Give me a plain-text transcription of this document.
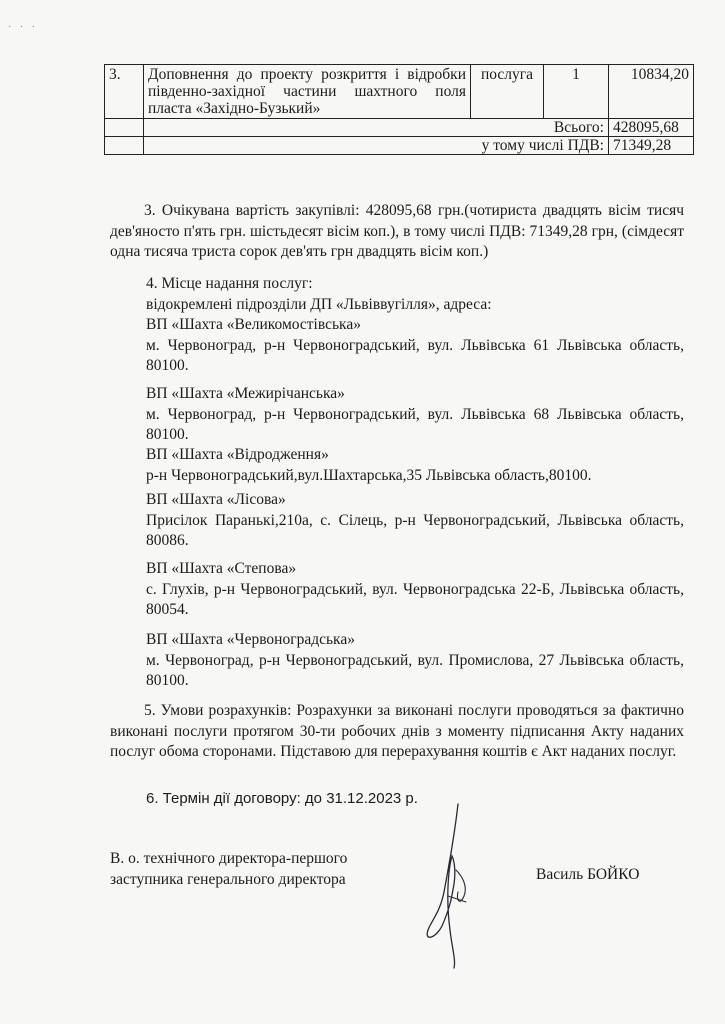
· · ·
3.	Доповнення до проекту розкриття і відробки південно-західної частини шахтного поля пласта «Західно-Бузький»	послуга	1	10834,20
	Всього:			428095,68
	у тому числі ПДВ:			71349,28
3. Очікувана вартість закупівлі: 428095,68 грн.(чотириста двадцять вісім тисяч дев'яносто п'ять грн. шістьдесят вісім коп.), в тому числі ПДВ: 71349,28 грн, (сімдесят одна тисяча триста сорок дев'ять грн двадцять вісім коп.)
4. Місце надання послуг:
відокремлені підрозділи ДП «Львіввугілля», адреса:
ВП «Шахта «Великомостівська»
м. Червоноград, р-н Червоноградський, вул. Львівська 61 Львівська область, 80100.
ВП «Шахта «Межирічанська»
м. Червоноград, р-н Червоноградський, вул. Львівська 68 Львівська область, 80100.
ВП «Шахта «Відродження»
р-н Червоноградський,вул.Шахтарська,35 Львівська область,80100.
ВП «Шахта «Лісова»
Присілок Паранькі,210а, с. Сілець, р-н Червоноградський, Львівська область, 80086.
ВП «Шахта «Степова»
с. Глухів, р-н Червоноградський, вул. Червоноградська 22-Б, Львівська область, 80054.
ВП «Шахта «Червоноградська»
м. Червоноград, р-н Червоноградський, вул. Промислова, 27 Львівська область, 80100.
5. Умови розрахунків: Розрахунки за виконані послуги проводяться за фактично виконані послуги протягом 30-ти робочих днів з моменту підписання Акту наданих послуг обома сторонами. Підставою для перерахування коштів є Акт наданих послуг.
6. Термін дії договору: до 31.12.2023 р.
В. о. технічного директора-першого
заступника генерального директора	Василь БОЙКО
